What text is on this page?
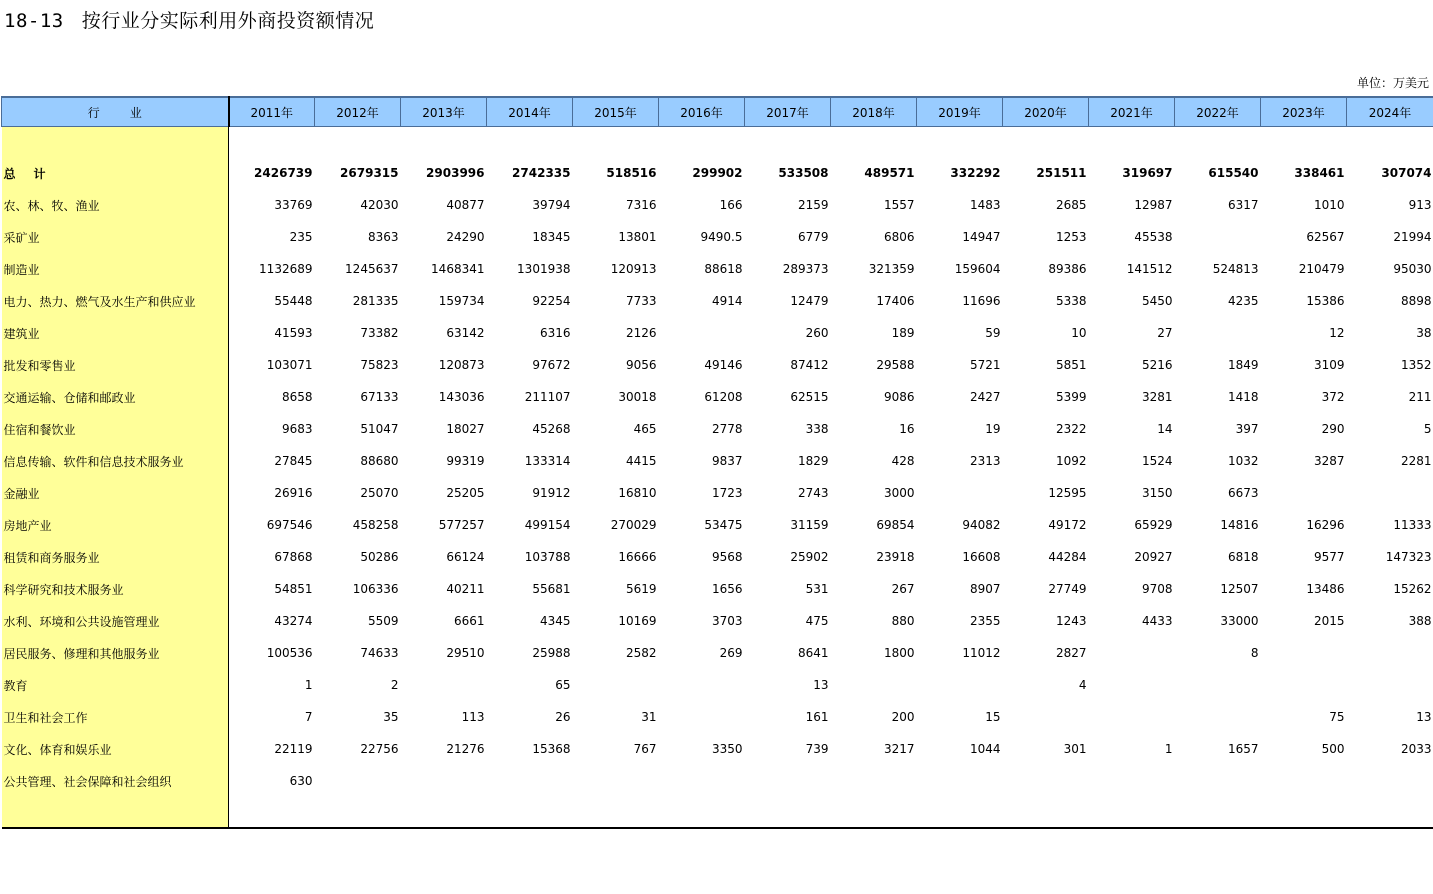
18-13 按行业分实际利用外商投资额情况
单位：万美元
行业	2011年	2012年	2013年	2014年	2015年	2016年	2017年	2018年	2019年	2020年	2021年	2022年	2023年	2024年

总计	2426739	2679315	2903996	2742335	518516	299902	533508	489571	332292	251511	319697	615540	338461	307074
农、林、牧、渔业	33769	42030	40877	39794	7316	166	2159	1557	1483	2685	12987	6317	1010	913
采矿业	235	8363	24290	18345	13801	9490.5	6779	6806	14947	1253	45538		62567	21994
制造业	1132689	1245637	1468341	1301938	120913	88618	289373	321359	159604	89386	141512	524813	210479	95030
电力、热力、燃气及水生产和供应业	55448	281335	159734	92254	7733	4914	12479	17406	11696	5338	5450	4235	15386	8898
建筑业	41593	73382	63142	6316	2126		260	189	59	10	27		12	38
批发和零售业	103071	75823	120873	97672	9056	49146	87412	29588	5721	5851	5216	1849	3109	1352
交通运输、仓储和邮政业	8658	67133	143036	211107	30018	61208	62515	9086	2427	5399	3281	1418	372	211
住宿和餐饮业	9683	51047	18027	45268	465	2778	338	16	19	2322	14	397	290	5
信息传输、软件和信息技术服务业	27845	88680	99319	133314	4415	9837	1829	428	2313	1092	1524	1032	3287	2281
金融业	26916	25070	25205	91912	16810	1723	2743	3000		12595	3150	6673		
房地产业	697546	458258	577257	499154	270029	53475	31159	69854	94082	49172	65929	14816	16296	11333
租赁和商务服务业	67868	50286	66124	103788	16666	9568	25902	23918	16608	44284	20927	6818	9577	147323
科学研究和技术服务业	54851	106336	40211	55681	5619	1656	531	267	8907	27749	9708	12507	13486	15262
水利、环境和公共设施管理业	43274	5509	6661	4345	10169	3703	475	880	2355	1243	4433	33000	2015	388
居民服务、修理和其他服务业	100536	74633	29510	25988	2582	269	8641	1800	11012	2827		8		
教育	1	2		65			13			4				
卫生和社会工作	7	35	113	26	31		161	200	15				75	13
文化、体育和娱乐业	22119	22756	21276	15368	767	3350	739	3217	1044	301	1	1657	500	2033
公共管理、社会保障和社会组织	630													
